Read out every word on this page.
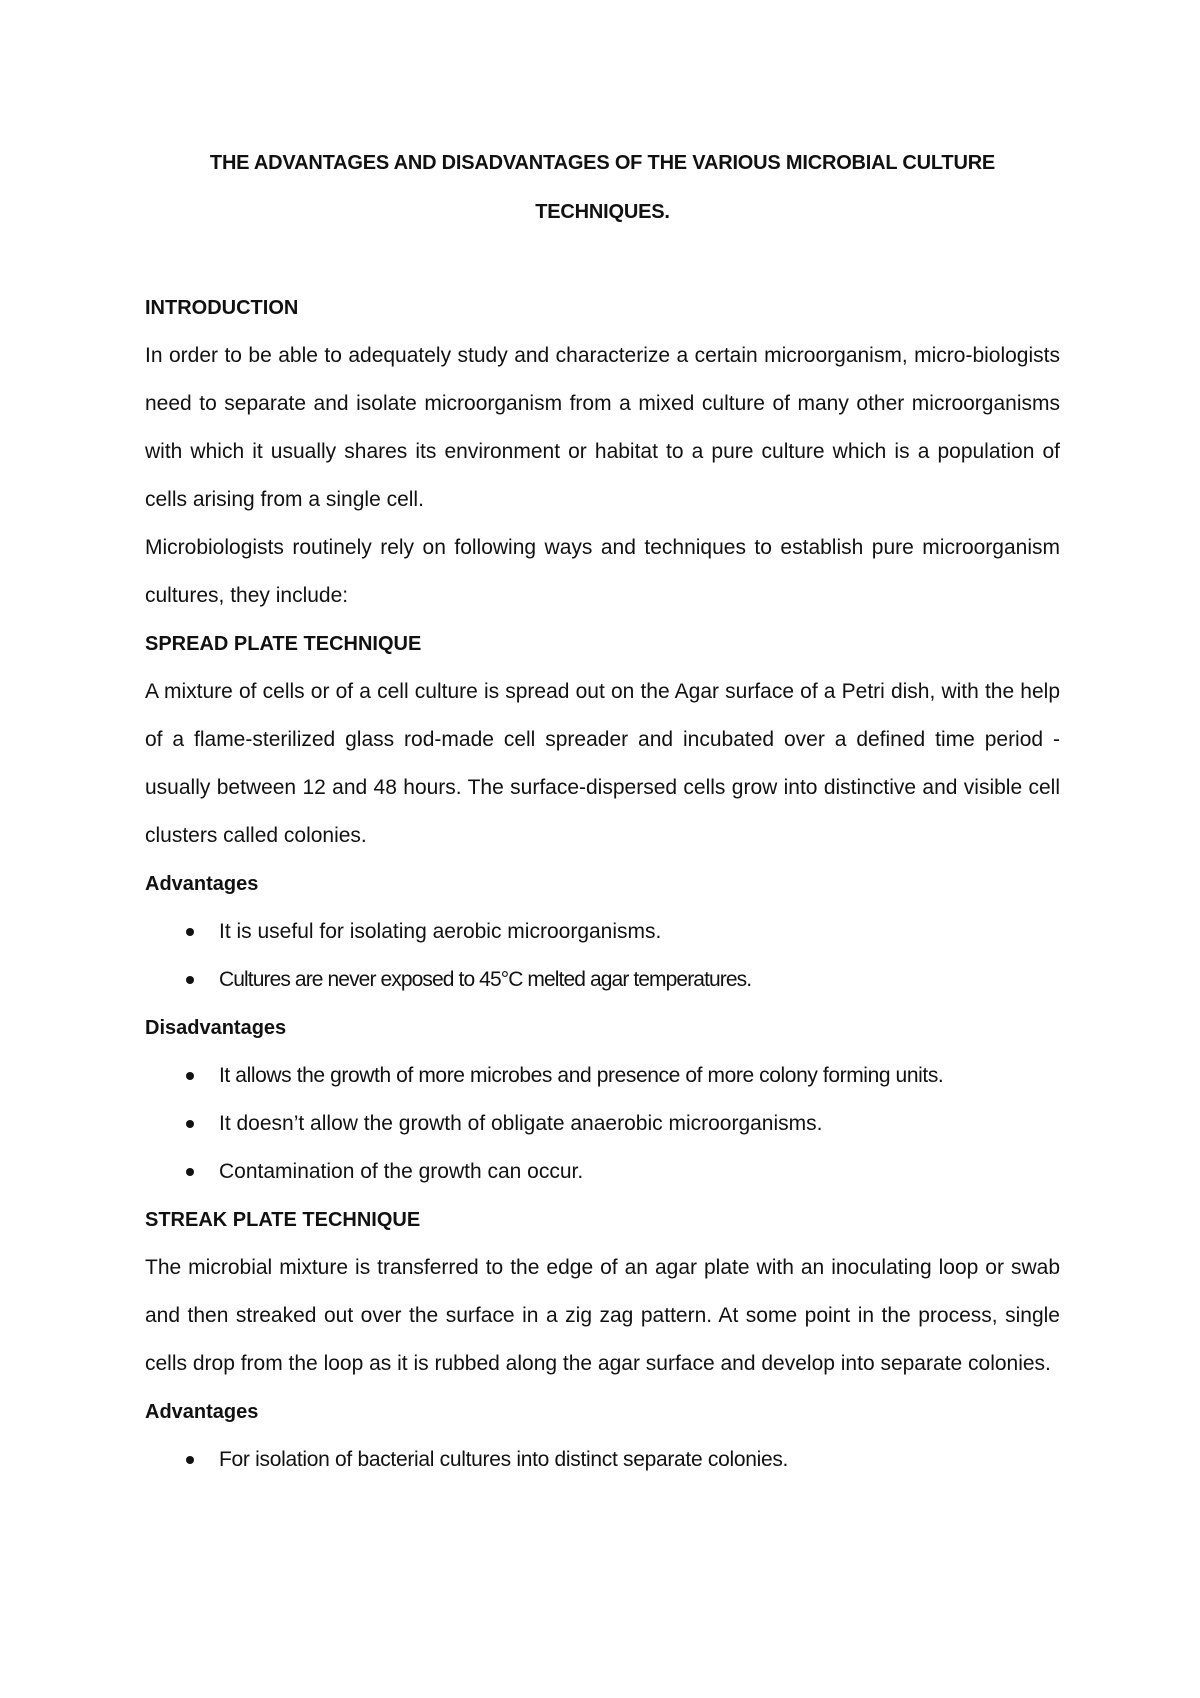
THE ADVANTAGES AND DISADVANTAGES OF THE VARIOUS MICROBIAL CULTURE
TECHNIQUES.
INTRODUCTION
In order to be able to adequately study and characterize a certain microorganism, micro-biologists need to separate and isolate microorganism from a mixed culture of many other microorganisms with which it usually shares its environment or habitat to a pure culture which is a population of cells arising from a single cell.
Microbiologists routinely rely on following ways and techniques to establish pure microorganism cultures, they include:
SPREAD PLATE TECHNIQUE
A mixture of cells or of a cell culture is spread out on the Agar surface of a Petri dish, with the help of a flame-sterilized glass rod-made cell spreader and incubated over a defined time period - usually between 12 and 48 hours. The surface-dispersed cells grow into distinctive and visible cell clusters called colonies.
Advantages
It is useful for isolating aerobic microorganisms.
Cultures are never exposed to 45°C melted agar temperatures.
Disadvantages
It allows the growth of more microbes and presence of more colony forming units.
It doesn’t allow the growth of obligate anaerobic microorganisms.
Contamination of the growth can occur.
STREAK PLATE TECHNIQUE
The microbial mixture is transferred to the edge of an agar plate with an inoculating loop or swab and then streaked out over the surface in a zig zag pattern. At some point in the process, single cells drop from the loop as it is rubbed along the agar surface and develop into separate colonies.
Advantages
For isolation of bacterial cultures into distinct separate colonies.
